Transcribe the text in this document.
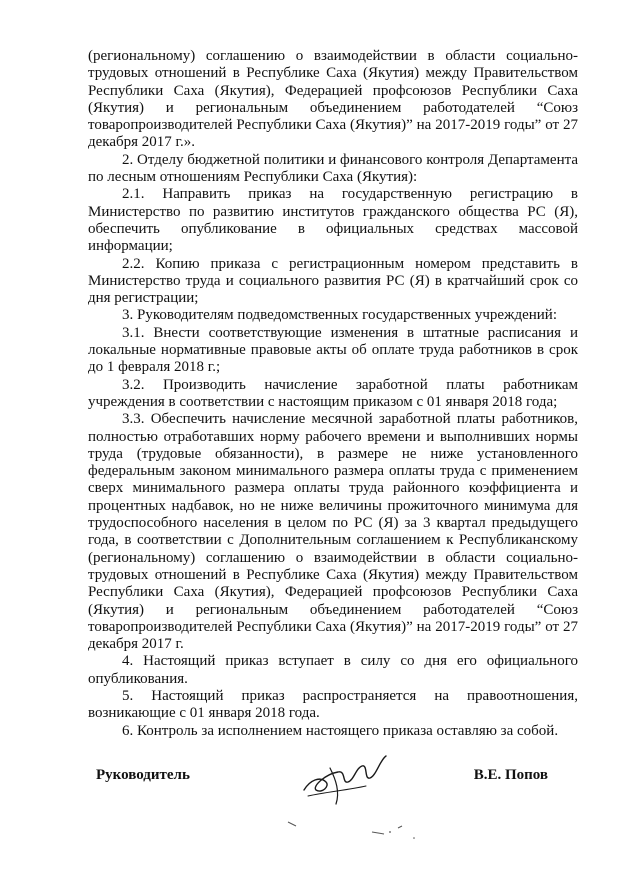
(региональному) соглашению о взаимодействии в области социально-трудовых отношений в Республике Саха (Якутия) между Правительством Республики Саха (Якутия), Федерацией профсоюзов Республики Саха (Якутия) и региональным объединением работодателей “Союз товаропроизводителей Республики Саха (Якутия)” на 2017-2019 годы” от 27 декабря 2017 г.».

2. Отделу бюджетной политики и финансового контроля Департамента по лесным отношениям Республики Саха (Якутия):

2.1. Направить приказ на государственную регистрацию в Министерство по развитию институтов гражданского общества РС (Я), обеспечить опубликование в официальных средствах массовой информации;

2.2. Копию приказа с регистрационным номером представить в Министерство труда и социального развития РС (Я) в кратчайший срок со дня регистрации;

3. Руководителям подведомственных государственных учреждений:

3.1. Внести соответствующие изменения в штатные расписания и локальные нормативные правовые акты об оплате труда работников в срок до 1 февраля 2018 г.;

3.2. Производить начисление заработной платы работникам учреждения в соответствии с настоящим приказом с 01 января 2018 года;

3.3. Обеспечить начисление месячной заработной платы работников, полностью отработавших норму рабочего времени и выполнивших нормы труда (трудовые обязанности), в размере не ниже установленного федеральным законом минимального размера оплаты труда с применением сверх минимального размера оплаты труда районного коэффициента и процентных надбавок, но не ниже величины прожиточного минимума для трудоспособного населения в целом по РС (Я) за 3 квартал предыдущего года, в соответствии с Дополнительным соглашением к Республиканскому (региональному) соглашению о взаимодействии в области социально-трудовых отношений в Республике Саха (Якутия) между Правительством Республики Саха (Якутия), Федерацией профсоюзов Республики Саха (Якутия) и региональным объединением работодателей “Союз товаропроизводителей Республики Саха (Якутия)” на 2017-2019 годы” от 27 декабря 2017 г.

4. Настоящий приказ вступает в силу со дня его официального опубликования.

5. Настоящий приказ распространяется на правоотношения, возникающие с 01 января 2018 года.

6. Контроль за исполнением настоящего приказа оставляю за собой.

Руководитель	В.Е. Попов
